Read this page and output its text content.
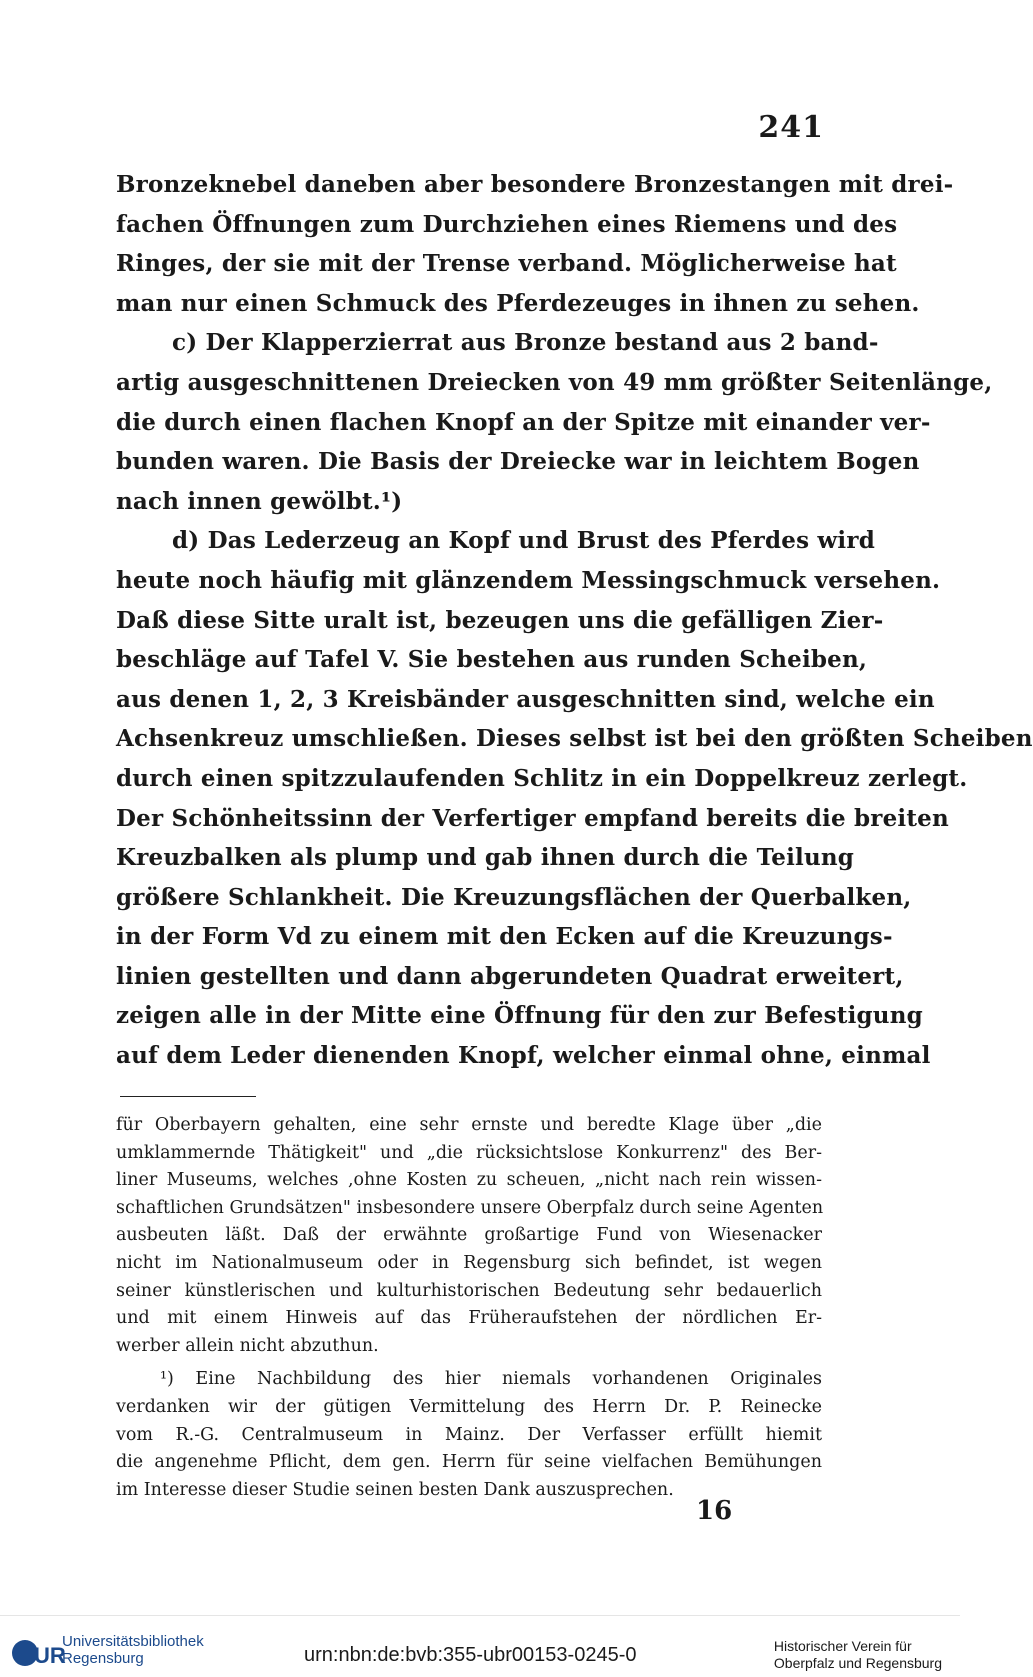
241
Bronzeknebel daneben aber besondere Bronzestangen mit drei-
fachen Öffnungen zum Durchziehen eines Riemens und des
Ringes, der sie mit der Trense verband. Möglicherweise hat
man nur einen Schmuck des Pferdezeuges in ihnen zu sehen.
c) Der Klapperzierrat aus Bronze bestand aus 2 band-
artig ausgeschnittenen Dreiecken von 49 mm größter Seitenlänge,
die durch einen flachen Knopf an der Spitze mit einander ver-
bunden waren. Die Basis der Dreiecke war in leichtem Bogen
nach innen gewölbt.¹)
d) Das Lederzeug an Kopf und Brust des Pferdes wird
heute noch häufig mit glänzendem Messingschmuck versehen.
Daß diese Sitte uralt ist, bezeugen uns die gefälligen Zier-
beschläge auf Tafel V. Sie bestehen aus runden Scheiben,
aus denen 1, 2, 3 Kreisbänder ausgeschnitten sind, welche ein
Achsenkreuz umschließen. Dieses selbst ist bei den größten Scheiben
durch einen spitzzulaufenden Schlitz in ein Doppelkreuz zerlegt.
Der Schönheitssinn der Verfertiger empfand bereits die breiten
Kreuzbalken als plump und gab ihnen durch die Teilung
größere Schlankheit. Die Kreuzungsflächen der Querbalken,
in der Form Vd zu einem mit den Ecken auf die Kreuzungs-
linien gestellten und dann abgerundeten Quadrat erweitert,
zeigen alle in der Mitte eine Öffnung für den zur Befestigung
auf dem Leder dienenden Knopf, welcher einmal ohne, einmal
für Oberbayern gehalten, eine sehr ernste und beredte Klage über „die
umklammernde Thätigkeit" und „die rücksichtslose Konkurrenz" des Ber-
liner Museums, welches ‚ohne Kosten zu scheuen, „nicht nach rein wissen-
schaftlichen Grundsätzen" insbesondere unsere Oberpfalz durch seine Agenten
ausbeuten läßt. Daß der erwähnte großartige Fund von Wiesenacker
nicht im Nationalmuseum oder in Regensburg sich befindet, ist wegen
seiner künstlerischen und kulturhistorischen Bedeutung sehr bedauerlich
und mit einem Hinweis auf das Früheraufstehen der nördlichen Er-
werber allein nicht abzuthun.
¹) Eine Nachbildung des hier niemals vorhandenen Originales
verdanken wir der gütigen Vermittelung des Herrn Dr. P. Reinecke
vom R.-G. Centralmuseum in Mainz. Der Verfasser erfüllt hiemit
die angenehme Pflicht, dem gen. Herrn für seine vielfachen Bemühungen
im Interesse dieser Studie seinen besten Dank auszusprechen.
16
UR
Universitätsbibliothek
Regensburg	urn:nbn:de:bvb:355-ubr00153-0245-0	Historischer Verein für
Oberpfalz und Regensburg
